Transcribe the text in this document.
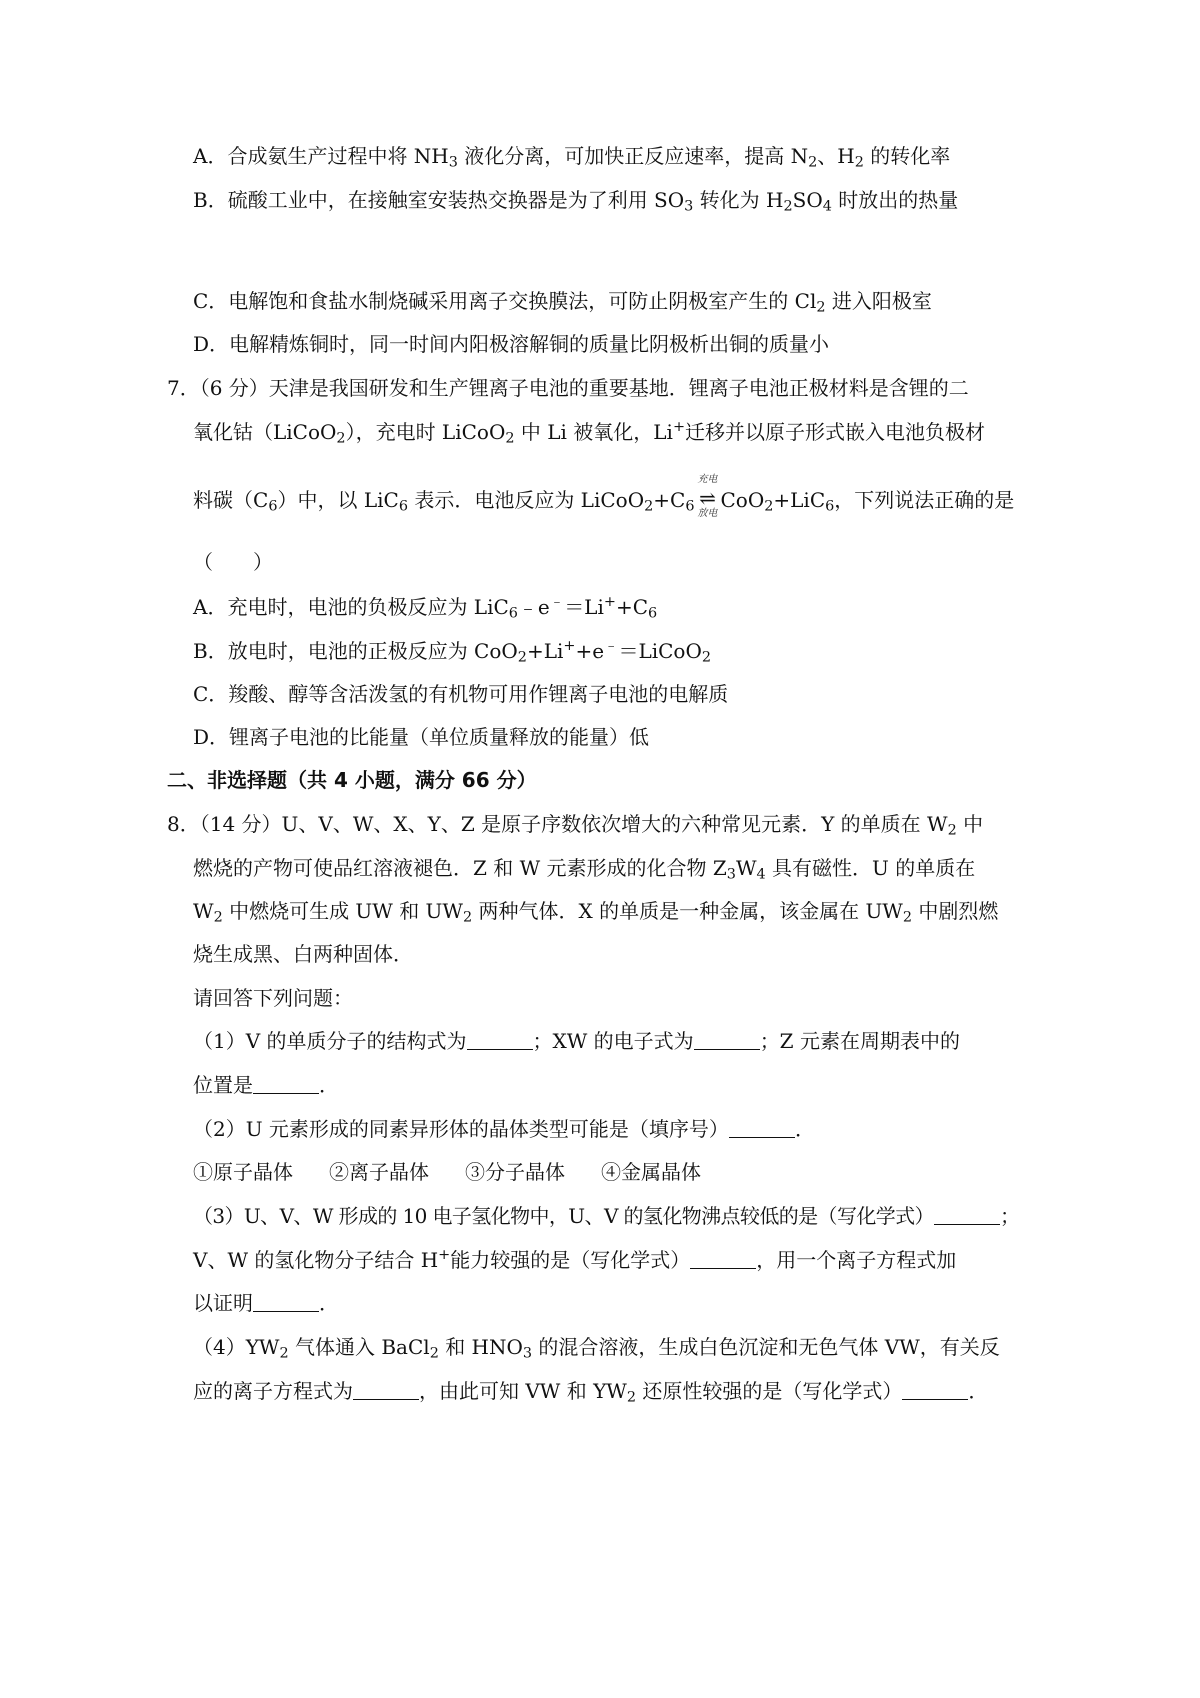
A．合成氨生产过程中将 $NH_3$ 液化分离，可加快正反应速率，提高 $N_2$、$H_2$ 的转化率
B．硫酸工业中，在接触室安装热交换器是为了利用 $SO_3$ 转化为 $H_2SO_4$ 时放出的热量
C．电解饱和食盐水制烧碱采用离子交换膜法，可防止阴极室产生的 $Cl_2$ 进入阳极室
D．电解精炼铜时，同一时间内阳极溶解铜的质量比阴极析出铜的质量小
7．（6 分）天津是我国研发和生产锂离子电池的重要基地．锂离子电池正极材料是含锂的二
氧化钴（LiCoO$_2$），充电时 LiCoO$_2$ 中 Li 被氧化，Li+迁移并以原子形式嵌入电池负极材
料碳$(C_6)$中，以 LiC$_6$ 表示．电池反应为 $LiCoO_2+C_6$
充电
⇌
放电
CoO$_2$+LiC$_6$，下列说法正确的是
（　　）
A．充电时，电池的负极反应为 $LiC_6﹣e^﹣=Li^++C_6$
B．放电时，电池的正极反应为 CoO$_2$+Li++e﹣＝LiCoO$_2$
C．羧酸、醇等含活泼氢的有机物可用作锂离子电池的电解质
D．锂离子电池的比能量（单位质量释放的能量）低
二、非选择题（共 4 小题，满分 66 分）
8．（14 分）U、V、W、X、Y、Z 是原子序数依次增大的六种常见元素．Y 的单质在 $W_2$ 中
燃烧的产物可使品红溶液褪色．Z 和 W 元素形成的化合物 $Z_3W_4$ 具有磁性．U 的单质在
$W_2$ 中燃烧可生成 UW 和 $UW_2$ 两种气体．X 的单质是一种金属，该金属在 $UW_2$ 中剧烈燃
烧生成黑、白两种固体．
请回答下列问题：
（1）V 的单质分子的结构式为	；XW 的电子式为	；Z 元素在周期表中的
位置是	．
（2）U 元素形成的同素异形体的晶体类型可能是（填序号）	．
①原子晶体 ②离子晶体 ③分子晶体 ④金属晶体
（3）U、V、W 形成的 10 电子氢化物中，U、V 的氢化物沸点较低的是（写化学式）	；
V、W 的氢化物分子结合 H+能力较强的是（写化学式）	，用一个离子方程式加
以证明	．
$(4)YW_2$ 气体通入 BaCl$_2$ 和 $HNO_3$ 的混合溶液，生成白色沉淀和无色气体 VW，有关反
应的离子方程式为	，由此可知 VW 和 $YW_2$ 还原性较强的是（写化学式）	．
